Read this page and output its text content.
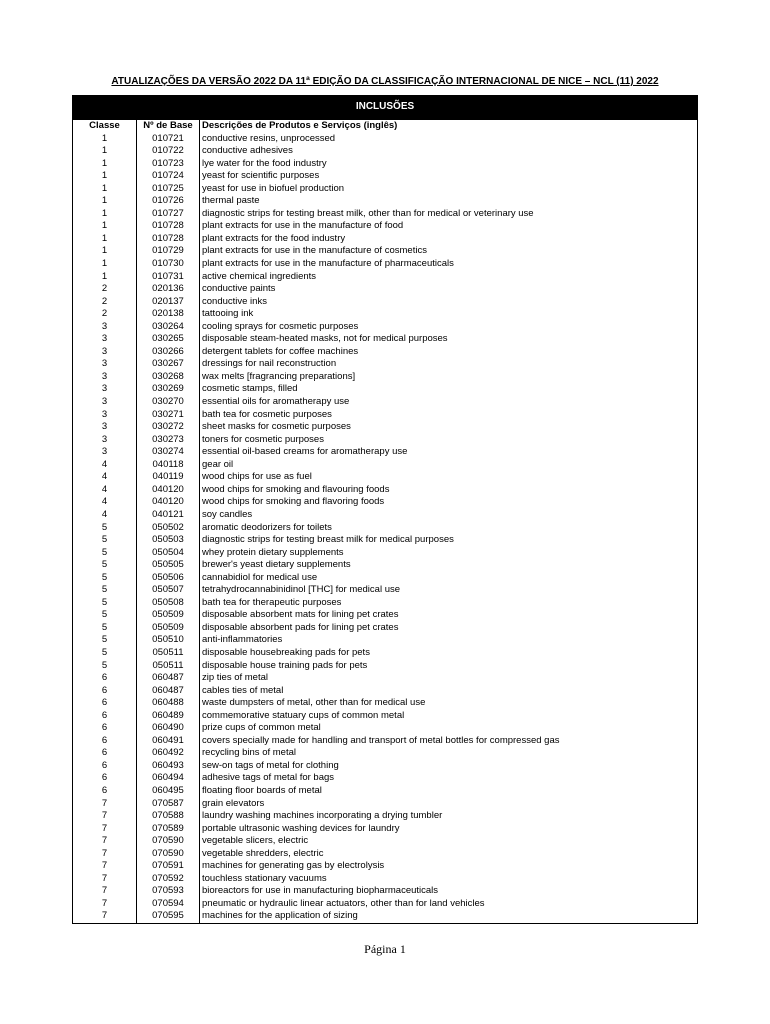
ATUALIZAÇÕES DA VERSÃO 2022 DA 11ª EDIÇÃO DA CLASSIFICAÇÃO INTERNACIONAL DE NICE – NCL (11) 2022
INCLUSÕES
Classe	Nº de Base	Descrições de Produtos e Serviços (inglês)
1	010721	conductive resins, unprocessed
1	010722	conductive adhesives
1	010723	lye water for the food industry
1	010724	yeast for scientific purposes
1	010725	yeast for use in biofuel production
1	010726	thermal paste
1	010727	diagnostic strips for testing breast milk, other than for medical or veterinary use
1	010728	plant extracts for use in the manufacture of food
1	010728	plant extracts for the food industry
1	010729	plant extracts for use in the manufacture of cosmetics
1	010730	plant extracts for use in the manufacture of pharmaceuticals
1	010731	active chemical ingredients
2	020136	conductive paints
2	020137	conductive inks
2	020138	tattooing ink
3	030264	cooling sprays for cosmetic purposes
3	030265	disposable steam-heated masks, not for medical purposes
3	030266	detergent tablets for coffee machines
3	030267	dressings for nail reconstruction
3	030268	wax melts [fragrancing preparations]
3	030269	cosmetic stamps, filled
3	030270	essential oils for aromatherapy use
3	030271	bath tea for cosmetic purposes
3	030272	sheet masks for cosmetic purposes
3	030273	toners for cosmetic purposes
3	030274	essential oil-based creams for aromatherapy use
4	040118	gear oil
4	040119	wood chips for use as fuel
4	040120	wood chips for smoking and flavouring foods
4	040120	wood chips for smoking and flavoring foods
4	040121	soy candles
5	050502	aromatic deodorizers for toilets
5	050503	diagnostic strips for testing breast milk for medical purposes
5	050504	whey protein dietary supplements
5	050505	brewer's yeast dietary supplements
5	050506	cannabidiol for medical use
5	050507	tetrahydrocannabinidinol [THC] for medical use
5	050508	bath tea for therapeutic purposes
5	050509	disposable absorbent mats for lining pet crates
5	050509	disposable absorbent pads for lining pet crates
5	050510	anti-inflammatories
5	050511	disposable housebreaking pads for pets
5	050511	disposable house training pads for pets
6	060487	zip ties of metal
6	060487	cables ties of metal
6	060488	waste dumpsters of metal, other than for medical use
6	060489	commemorative statuary cups of common metal
6	060490	prize cups of common metal
6	060491	covers specially made for handling and transport of metal bottles for compressed gas
6	060492	recycling bins of metal
6	060493	sew-on tags of metal for clothing
6	060494	adhesive tags of metal for bags
6	060495	floating floor boards of metal
7	070587	grain elevators
7	070588	laundry washing machines incorporating a drying tumbler
7	070589	portable ultrasonic washing devices for laundry
7	070590	vegetable slicers, electric
7	070590	vegetable shredders, electric
7	070591	machines for generating gas by electrolysis
7	070592	touchless stationary vacuums
7	070593	bioreactors for use in manufacturing biopharmaceuticals
7	070594	pneumatic or hydraulic linear actuators, other than for land vehicles
7	070595	machines for the application of sizing
Página 1
